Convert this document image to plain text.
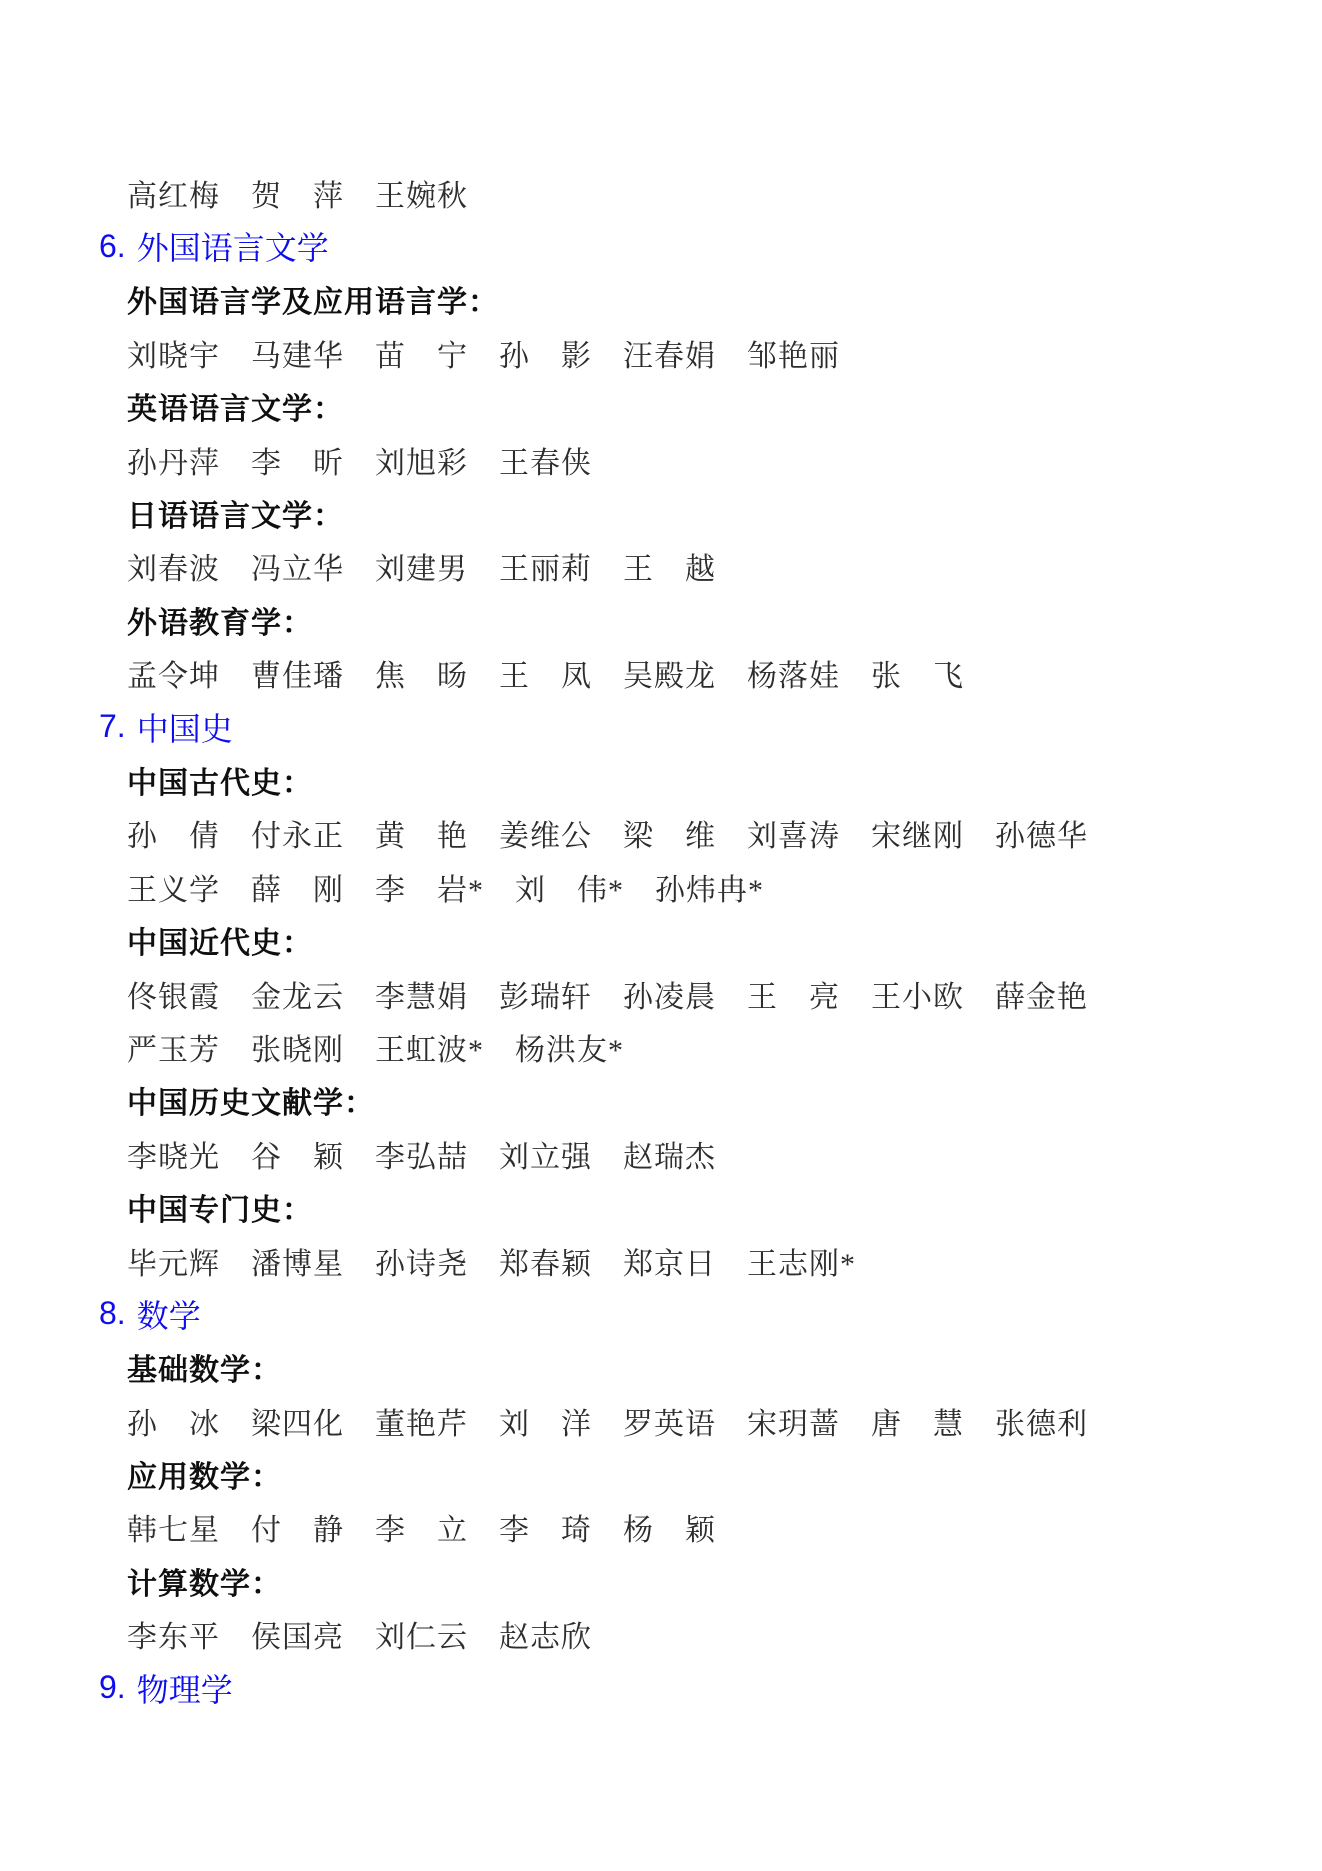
高红梅　贺　萍　王婉秋
6. 外国语言文学
外国语言学及应用语言学：
刘晓宇　马建华　苗　宁　孙　影　汪春娟　邹艳丽
英语语言文学：
孙丹萍　李　昕　刘旭彩　王春侠
日语语言文学：
刘春波　冯立华　刘建男　王丽莉　王　越
外语教育学：
孟令坤　曹佳璠　焦　旸　王　凤　吴殿龙　杨落娃　张　飞
7. 中国史
中国古代史：
孙　倩　付永正　黄　艳　姜维公　梁　维　刘喜涛　宋继刚　孙德华
王义学　薛　刚　李　岩*　刘　伟*　孙炜冉*
中国近代史：
佟银霞　金龙云　李慧娟　彭瑞轩　孙凌晨　王　亮　王小欧　薛金艳
严玉芳　张晓刚　王虹波*　杨洪友*
中国历史文献学：
李晓光　谷　颖　李弘喆　刘立强　赵瑞杰
中国专门史：
毕元辉　潘博星　孙诗尧　郑春颖　郑京日　王志刚*
8. 数学
基础数学：
孙　冰　梁四化　董艳芹　刘　洋　罗英语　宋玥蔷　唐　慧　张德利
应用数学：
韩七星　付　静　李　立　李　琦　杨　颖
计算数学：
李东平　侯国亮　刘仁云　赵志欣
9. 物理学
